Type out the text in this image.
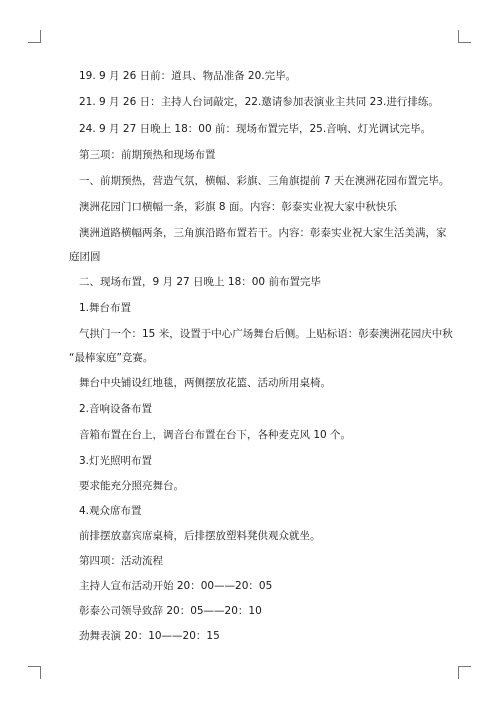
19. 9 月 26 日前：道具、物品准备 20.完毕。
21. 9 月 26 日：主持人台词敲定，22.邀请参加表演业主共同 23.进行排练。
24. 9 月 27 日晚上 18：00 前：现场布置完毕，25.音响、灯光调试完毕。
第三项：前期预热和现场布置
一、前期预热，营造气氛，横幅、彩旗、三角旗提前 7 天在澳洲花园布置完毕。
澳洲花园门口横幅一条，彩旗 8 面。内容：彰泰实业祝大家中秋快乐
澳洲道路横幅两条，三角旗沿路布置若干。内容：彰泰实业祝大家生活美满，家
庭团圆
二、现场布置，9 月 27 日晚上 18：00 前布置完毕
1.舞台布置
气拱门一个：15 米，设置于中心广场舞台后侧。上贴标语：彰泰澳洲花园庆中秋
“最棒家庭”竞赛。
舞台中央铺设红地毯，两侧摆放花篮、活动所用桌椅。
2.音响设备布置
音箱布置在台上，调音台布置在台下，各种麦克风 10 个。
3.灯光照明布置
要求能充分照亮舞台。
4.观众席布置
前排摆放嘉宾席桌椅，后排摆放塑料凳供观众就坐。
第四项：活动流程
主持人宣布活动开始 20：00——20：05
彰泰公司领导致辞 20：05——20：10
劲舞表演 20：10——20：15
